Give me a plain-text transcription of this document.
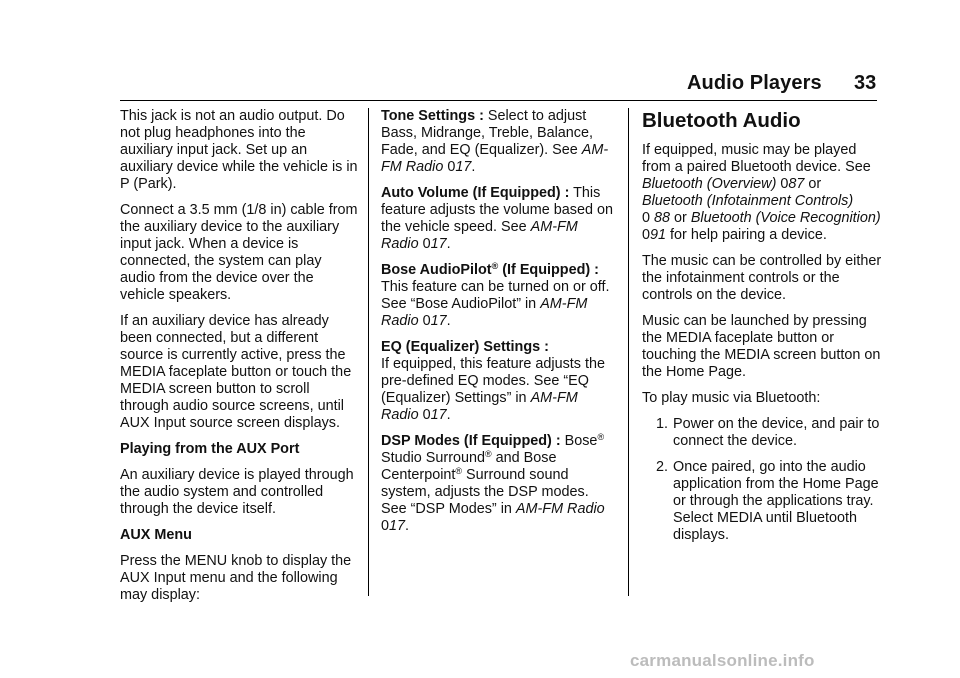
Audio Players 33

This jack is not an audio output. Do not plug headphones into the auxiliary input jack. Set up an auxiliary device while the vehicle is in P (Park).

Connect a 3.5 mm (1/8 in) cable from the auxiliary device to the auxiliary input jack. When a device is connected, the system can play audio from the device over the vehicle speakers.

If an auxiliary device has already been connected, but a different source is currently active, press the MEDIA faceplate button or touch the MEDIA screen button to scroll through audio source screens, until AUX Input source screen displays.

Playing from the AUX Port

An auxiliary device is played through the audio system and controlled through the device itself.

AUX Menu

Press the MENU knob to display the AUX Input menu and the following may display:

Tone Settings : Select to adjust Bass, Midrange, Treble, Balance, Fade, and EQ (Equalizer). See AM-FM Radio 017.

Auto Volume (If Equipped) : This feature adjusts the volume based on the vehicle speed. See AM-FM Radio 017.

Bose AudioPilot® (If Equipped) :
This feature can be turned on or off. See “Bose AudioPilot” in AM-FM Radio 017.

EQ (Equalizer) Settings :
If equipped, this feature adjusts the pre-defined EQ modes. See “EQ (Equalizer) Settings” in AM-FM Radio 017.

DSP Modes (If Equipped) : Bose® Studio Surround® and Bose Centerpoint® Surround sound system, adjusts the DSP modes. See “DSP Modes” in AM-FM Radio
017.

Bluetooth Audio

If equipped, music may be played from a paired Bluetooth device. See Bluetooth (Overview) 087 or Bluetooth (Infotainment Controls)
0 88 or Bluetooth (Voice Recognition) 091 for help pairing a device.

The music can be controlled by either the infotainment controls or the controls on the device.

Music can be launched by pressing the MEDIA faceplate button or touching the MEDIA screen button on the Home Page.

To play music via Bluetooth:

1. Power on the device, and pair to connect the device.
2. Once paired, go into the audio application from the Home Page or through the applications tray. Select MEDIA until Bluetooth displays.
carmanualsonline.info
